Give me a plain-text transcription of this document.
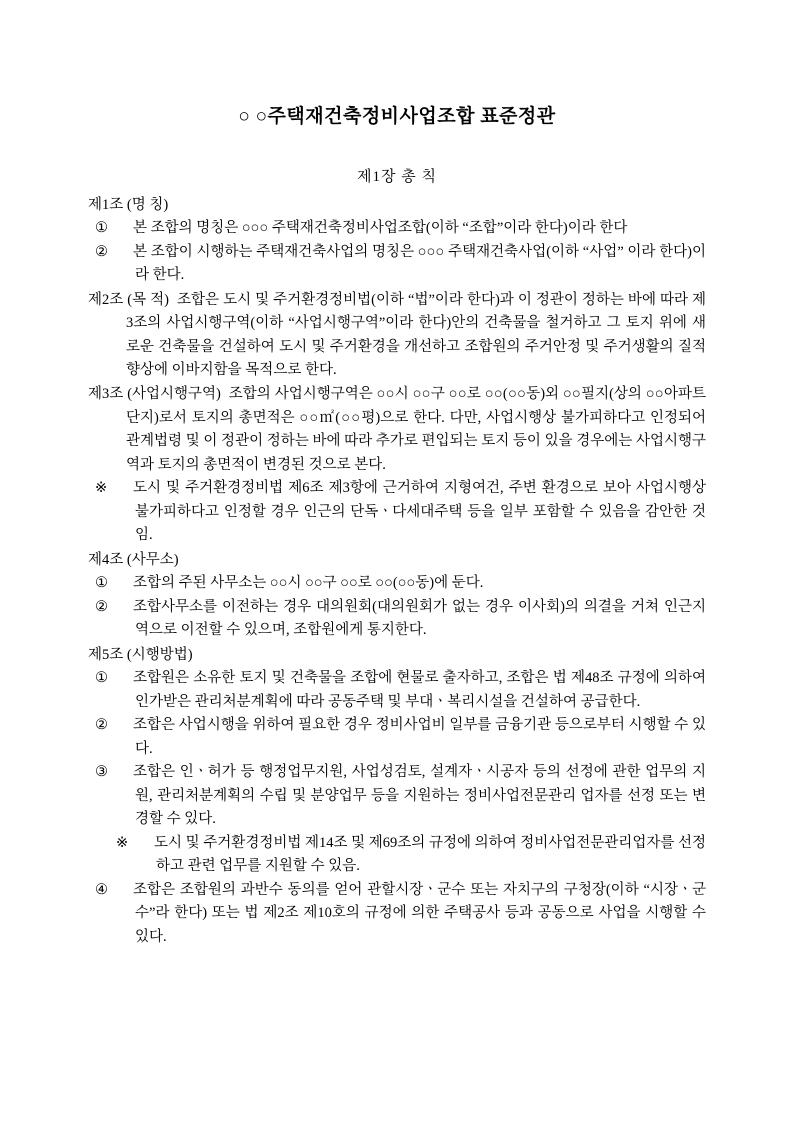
○ ○주택재건축정비사업조합 표준정관
제1장 총 칙

제1조 (명 칭)

① 본 조합의 명칭은 ○○○ 주택재건축정비사업조합(이하 “조합”이라 한다)이라 한다

② 본 조합이 시행하는 주택재건축사업의 명칭은 ○○○ 주택재건축사업(이하 “사업” 이라 한다)이라 한다.

제2조 (목 적) 조합은 도시 및 주거환경정비법(이하 “법”이라 한다)과 이 정관이 정하는 바에 따라 제3조의 사업시행구역(이하 “사업시행구역”이라 한다)안의 건축물을 철거하고 그 토지 위에 새로운 건축물을 건설하여 도시 및 주거환경을 개선하고 조합원의 주거안정 및 주거생활의 질적 향상에 이바지함을 목적으로 한다.

제3조 (사업시행구역) 조합의 사업시행구역은 ○○시 ○○구 ○○로 ○○(○○동)외 ○○필지(상의 ○○아파트 단지)로서 토지의 총면적은 ○○㎡(○○평)으로 한다. 다만, 사업시행상 불가피하다고 인정되어 관계법령 및 이 정관이 정하는 바에 따라 추가로 편입되는 토지 등이 있을 경우에는 사업시행구역과 토지의 총면적이 변경된 것으로 본다.

※ 도시 및 주거환경정비법 제6조 제3항에 근거하여 지형여건, 주변 환경으로 보아 사업시행상 불가피하다고 인정할 경우 인근의 단독ㆍ다세대주택 등을 일부 포함할 수 있음을 감안한 것임.

제4조 (사무소)

① 조합의 주된 사무소는 ○○시 ○○구 ○○로 ○○(○○동)에 둔다.

② 조합사무소를 이전하는 경우 대의원회(대의원회가 없는 경우 이사회)의 의결을 거쳐 인근지역으로 이전할 수 있으며, 조합원에게 통지한다.

제5조 (시행방법)

① 조합원은 소유한 토지 및 건축물을 조합에 현물로 출자하고, 조합은 법 제48조 규정에 의하여 인가받은 관리처분계획에 따라 공동주택 및 부대ㆍ복리시설을 건설하여 공급한다.

② 조합은 사업시행을 위하여 필요한 경우 정비사업비 일부를 금융기관 등으로부터 시행할 수 있다.

③ 조합은 인ㆍ허가 등 행정업무지원, 사업성검토, 설계자ㆍ시공자 등의 선정에 관한 업무의 지원, 관리처분계획의 수립 및 분양업무 등을 지원하는 정비사업전문관리 업자를 선정 또는 변경할 수 있다.

※ 도시 및 주거환경정비법 제14조 및 제69조의 규정에 의하여 정비사업전문관리업자를 선정하고 관련 업무를 지원할 수 있음.

④ 조합은 조합원의 과반수 동의를 얻어 관할시장ㆍ군수 또는 자치구의 구청장(이하 “시장ㆍ군수”라 한다) 또는 법 제2조 제10호의 규정에 의한 주택공사 등과 공동으로 사업을 시행할 수 있다.
